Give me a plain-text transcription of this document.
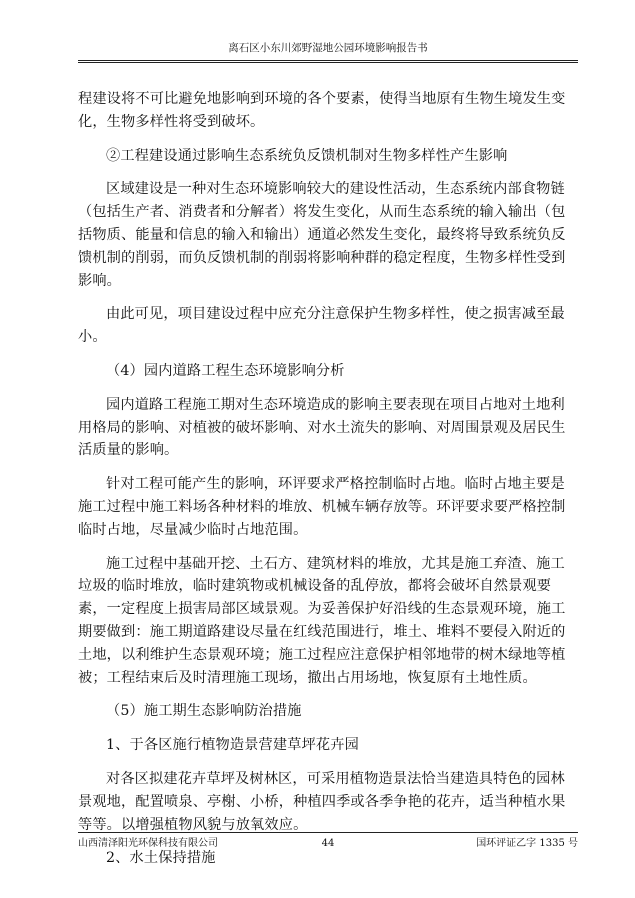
离石区小东川郊野湿地公园环境影响报告书

程建设将不可比避免地影响到环境的各个要素，使得当地原有生物生境发生变化，生物多样性将受到破坏。

②工程建设通过影响生态系统负反馈机制对生物多样性产生影响

区域建设是一种对生态环境影响较大的建设性活动，生态系统内部食物链（包括生产者、消费者和分解者）将发生变化，从而生态系统的输入输出（包括物质、能量和信息的输入和输出）通道必然发生变化，最终将导致系统负反馈机制的削弱，而负反馈机制的削弱将影响种群的稳定程度，生物多样性受到影响。

由此可见，项目建设过程中应充分注意保护生物多样性，使之损害减至最小。

（4）园内道路工程生态环境影响分析

园内道路工程施工期对生态环境造成的影响主要表现在项目占地对土地利用格局的影响、对植被的破坏影响、对水土流失的影响、对周围景观及居民生活质量的影响。

针对工程可能产生的影响，环评要求严格控制临时占地。临时占地主要是施工过程中施工料场各种材料的堆放、机械车辆存放等。环评要求要严格控制临时占地，尽量减少临时占地范围。

施工过程中基础开挖、土石方、建筑材料的堆放，尤其是施工弃渣、施工垃圾的临时堆放，临时建筑物或机械设备的乱停放，都将会破坏自然景观要素，一定程度上损害局部区域景观。为妥善保护好沿线的生态景观环境，施工期要做到：施工期道路建设尽量在红线范围进行，堆土、堆料不要侵入附近的土地，以利维护生态景观环境；施工过程应注意保护相邻地带的树木绿地等植被；工程结束后及时清理施工现场，撤出占用场地，恢复原有土地性质。

（5）施工期生态影响防治措施

1、于各区施行植物造景营建草坪花卉园

对各区拟建花卉草坪及树林区，可采用植物造景法恰当建造具特色的园林景观地，配置喷泉、亭榭、小桥，种植四季或各季争艳的花卉，适当种植水果等等。以增强植物风貌与放氧效应。

2、水土保持措施

山西清泽阳光环保科技有限公司	44	国环评证乙字 1335 号
